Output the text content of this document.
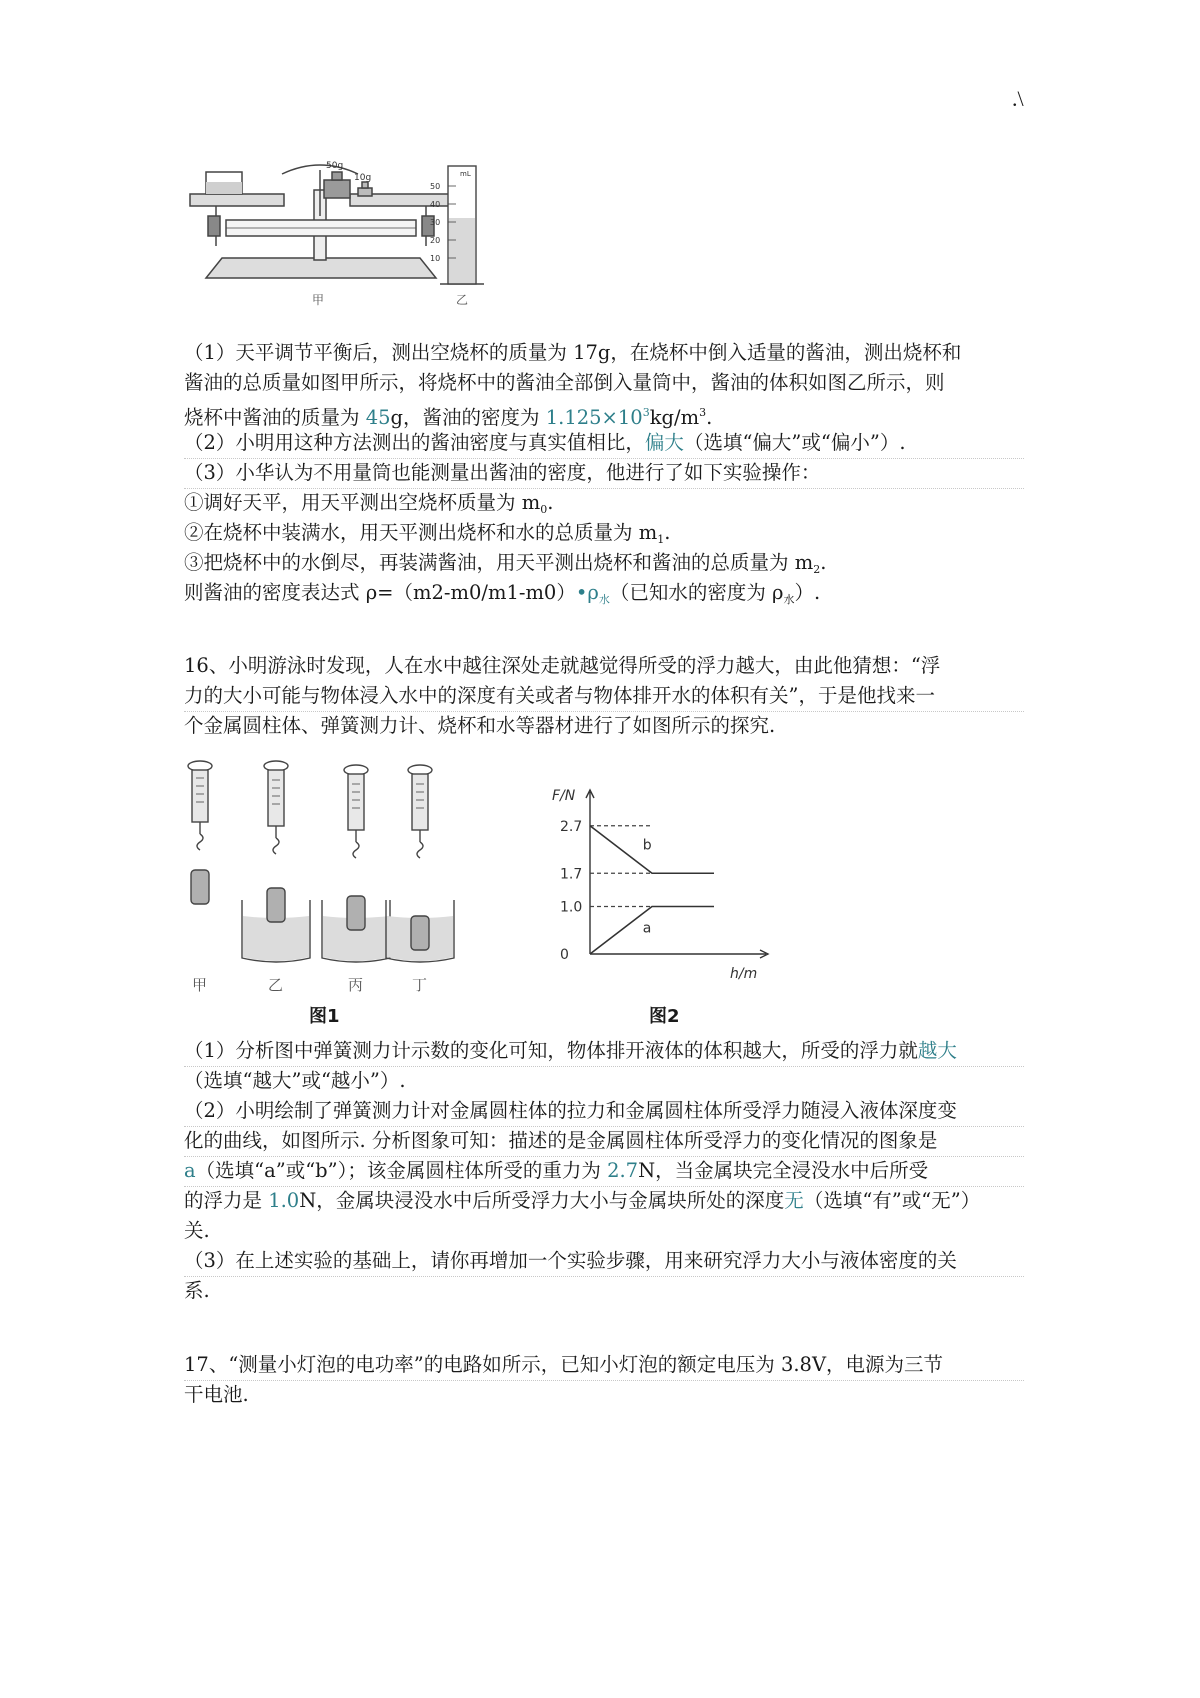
.\
50g
10g
甲
mL
50
40
30
20
10
乙
（1）天平调节平衡后，测出空烧杯的质量为 17g，在烧杯中倒入适量的酱油，测出烧杯和
酱油的总质量如图甲所示，将烧杯中的酱油全部倒入量筒中，酱油的体积如图乙所示，则
烧杯中酱油的质量为 45g，酱油的密度为 $1.125\times 10^3kg/m^3$.
（2）小明用这种方法测出的酱油密度与真实值相比，偏大（选填“偏大”或“偏小”）.
（3）小华认为不用量筒也能测量出酱油的密度，他进行了如下实验操作：
①调好天平，用天平测出空烧杯质量为 $m_0$.
②在烧杯中装满水，用天平测出烧杯和水的总质量为 $m_1$.
③把烧杯中的水倒尽，再装满酱油，用天平测出烧杯和酱油的总质量为 $m_2$.
则酱油的密度表达式 $\rho=(m2-m0/m1-m0)•\rho_水$（已知水的密度为 $\rho_水$）.
16、小明游泳时发现，人在水中越往深处走就越觉得所受的浮力越大，由此他猜想：“浮
力的大小可能与物体浸入水中的深度有关或者与物体排开水的体积有关”，于是他找来一
个金属圆柱体、弹簧测力计、烧杯和水等器材进行了如图所示的探究.
甲	乙	丙	丁
图1
F/N
h/m
0
1.0
1.7
2.7
a
b
图2
（1）分析图中弹簧测力计示数的变化可知，物体排开液体的体积越大，所受的浮力就越大
（选填“越大”或“越小”）.
（2）小明绘制了弹簧测力计对金属圆柱体的拉力和金属圆柱体所受浮力随浸入液体深度变
化的曲线，如图所示. 分析图象可知：描述的是金属圆柱体所受浮力的变化情况的图象是
a（选填“a”或“b”）；该金属圆柱体所受的重力为 2.7N，当金属块完全浸没水中后所受
的浮力是 1.0N，金属块浸没水中后所受浮力大小与金属块所处的深度无（选填“有”或“无”）
关.
（3）在上述实验的基础上，请你再增加一个实验步骤，用来研究浮力大小与液体密度的关
系.
17、“测量小灯泡的电功率”的电路如所示，已知小灯泡的额定电压为 3.8V，电源为三节
干电池.
